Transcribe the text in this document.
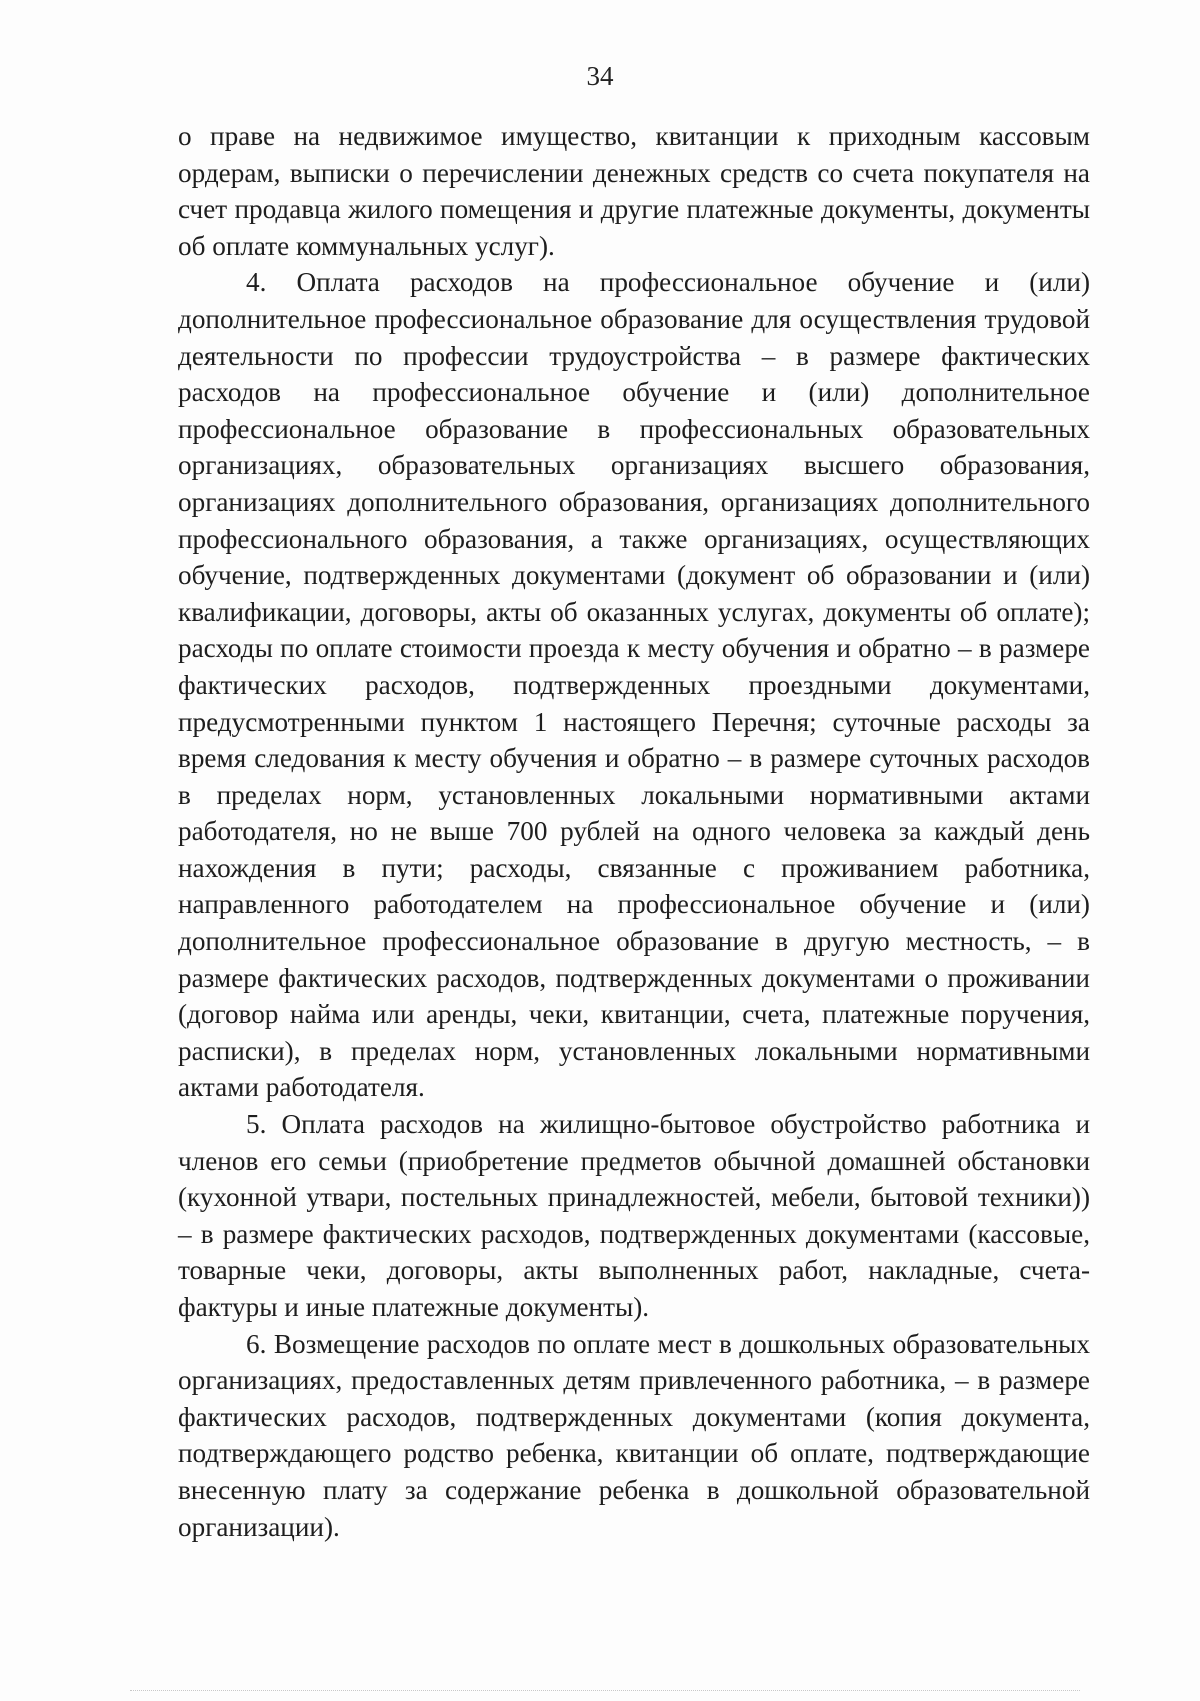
34

о праве на недвижимое имущество, квитанции к приходным кассовым ордерам, выписки о перечислении денежных средств со счета покупателя на счет продавца жилого помещения и другие платежные документы, документы об оплате коммунальных услуг).

4. Оплата расходов на профессиональное обучение и (или) дополнительное профессиональное образование для осуществления трудовой деятельности по профессии трудоустройства – в размере фактических расходов на профессиональное обучение и (или) дополнительное профессиональное образование в профессиональных образовательных организациях, образовательных организациях высшего образования, организациях дополнительного образования, организациях дополнительного профессионального образования, а также организациях, осуществляющих обучение, подтвержденных документами (документ об образовании и (или) квалификации, договоры, акты об оказанных услугах, документы об оплате); расходы по оплате стоимости проезда к месту обучения и обратно – в размере фактических расходов, подтвержденных проездными документами, предусмотренными пунктом 1 настоящего Перечня; суточные расходы за время следования к месту обучения и обратно – в размере суточных расходов в пределах норм, установленных локальными нормативными актами работодателя, но не выше 700 рублей на одного человека за каждый день нахождения в пути; расходы, связанные с проживанием работника, направленного работодателем на профессиональное обучение и (или) дополнительное профессиональное образование в другую местность, – в размере фактических расходов, подтвержденных документами о проживании (договор найма или аренды, чеки, квитанции, счета, платежные поручения, расписки), в пределах норм, установленных локальными нормативными актами работодателя.

5. Оплата расходов на жилищно-бытовое обустройство работника и членов его семьи (приобретение предметов обычной домашней обстановки (кухонной утвари, постельных принадлежностей, мебели, бытовой техники)) – в размере фактических расходов, подтвержденных документами (кассовые, товарные чеки, договоры, акты выполненных работ, накладные, счета-фактуры и иные платежные документы).

6. Возмещение расходов по оплате мест в дошкольных образовательных организациях, предоставленных детям привлеченного работника, – в размере фактических расходов, подтвержденных документами (копия документа, подтверждающего родство ребенка, квитанции об оплате, подтверждающие внесенную плату за содержание ребенка в дошкольной образовательной организации).
